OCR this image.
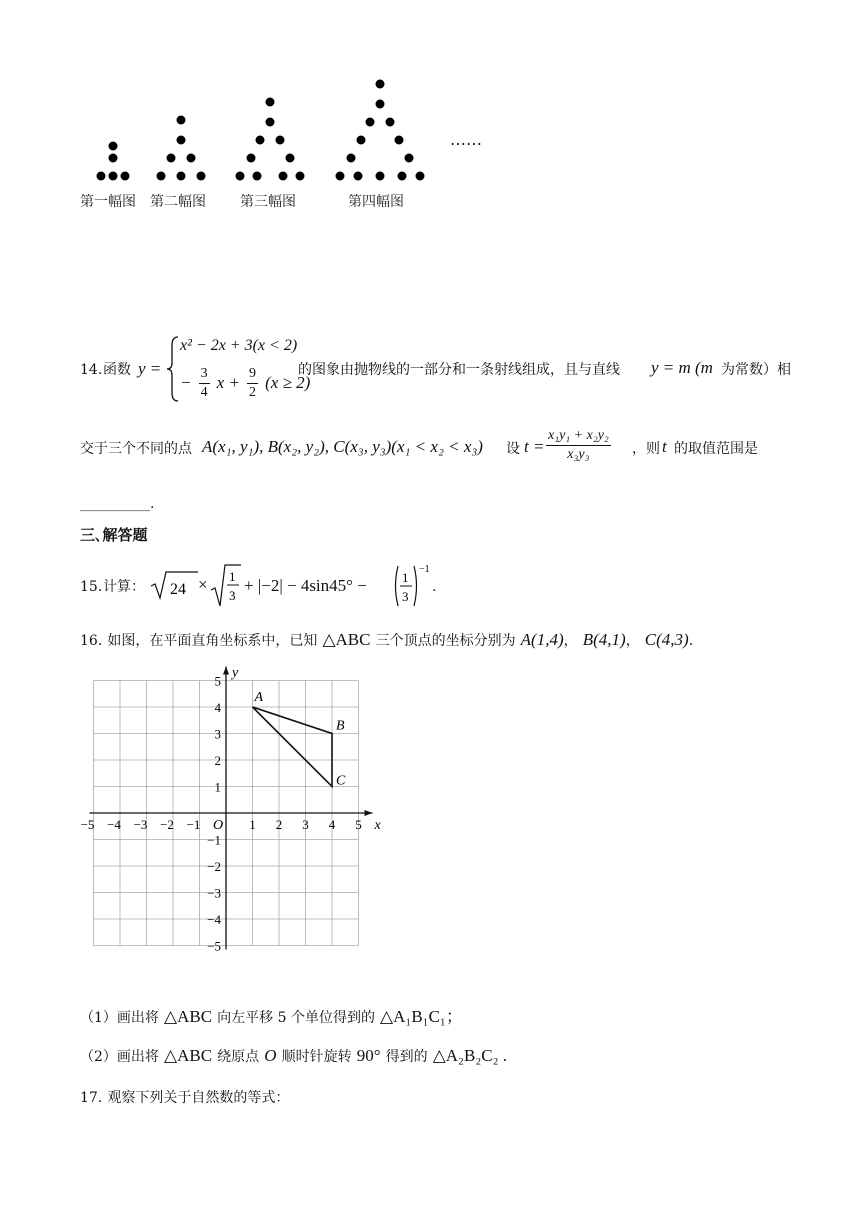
……
第一幅图 第二幅图 第三幅图	第四幅图
14. 函数 y =
x² − 2x + 3(x < 2)
− $\frac{3}{4}$ $x + \frac{9}{2} (x \ge 2)$
的图象由抛物线的一部分和一条射线组成，且与直线 y = m (m 为常数）相
交于三个不同的点 A(x₁, y₁), B(x₂, y₂), C(x₃, y₃)(x₁ < x₂ < x₃) 设 $t = \frac{\text{x₁y₁ + x₂y₂}}{\text{x₃y₃}}$ ，则 t 的取值范围是
__________.
三､解答题
15. 计算： 24 × 1
3
+ |−2| − 4sin45° −	1
3
−1
.
16. 如图，在平面直角坐标系中，已知 △ABC 三个顶点的坐标分别为 A(1,4)， B(4,1)， C(4,3).
x
y
O
−5 −4 −3 −2 −1	1 2 3 4 5
5
4
3
2
1
−1
−2
−3
−4
−5
A
B
C
（1）画出将 △ABC 向左平移 5 个单位得到的 △A₁B₁C₁；
（2）画出将 △ABC 绕原点 O 顺时针旋转 90° 得到的 △A₂B₂C₂ .
17. 观察下列关于自然数的等式：
